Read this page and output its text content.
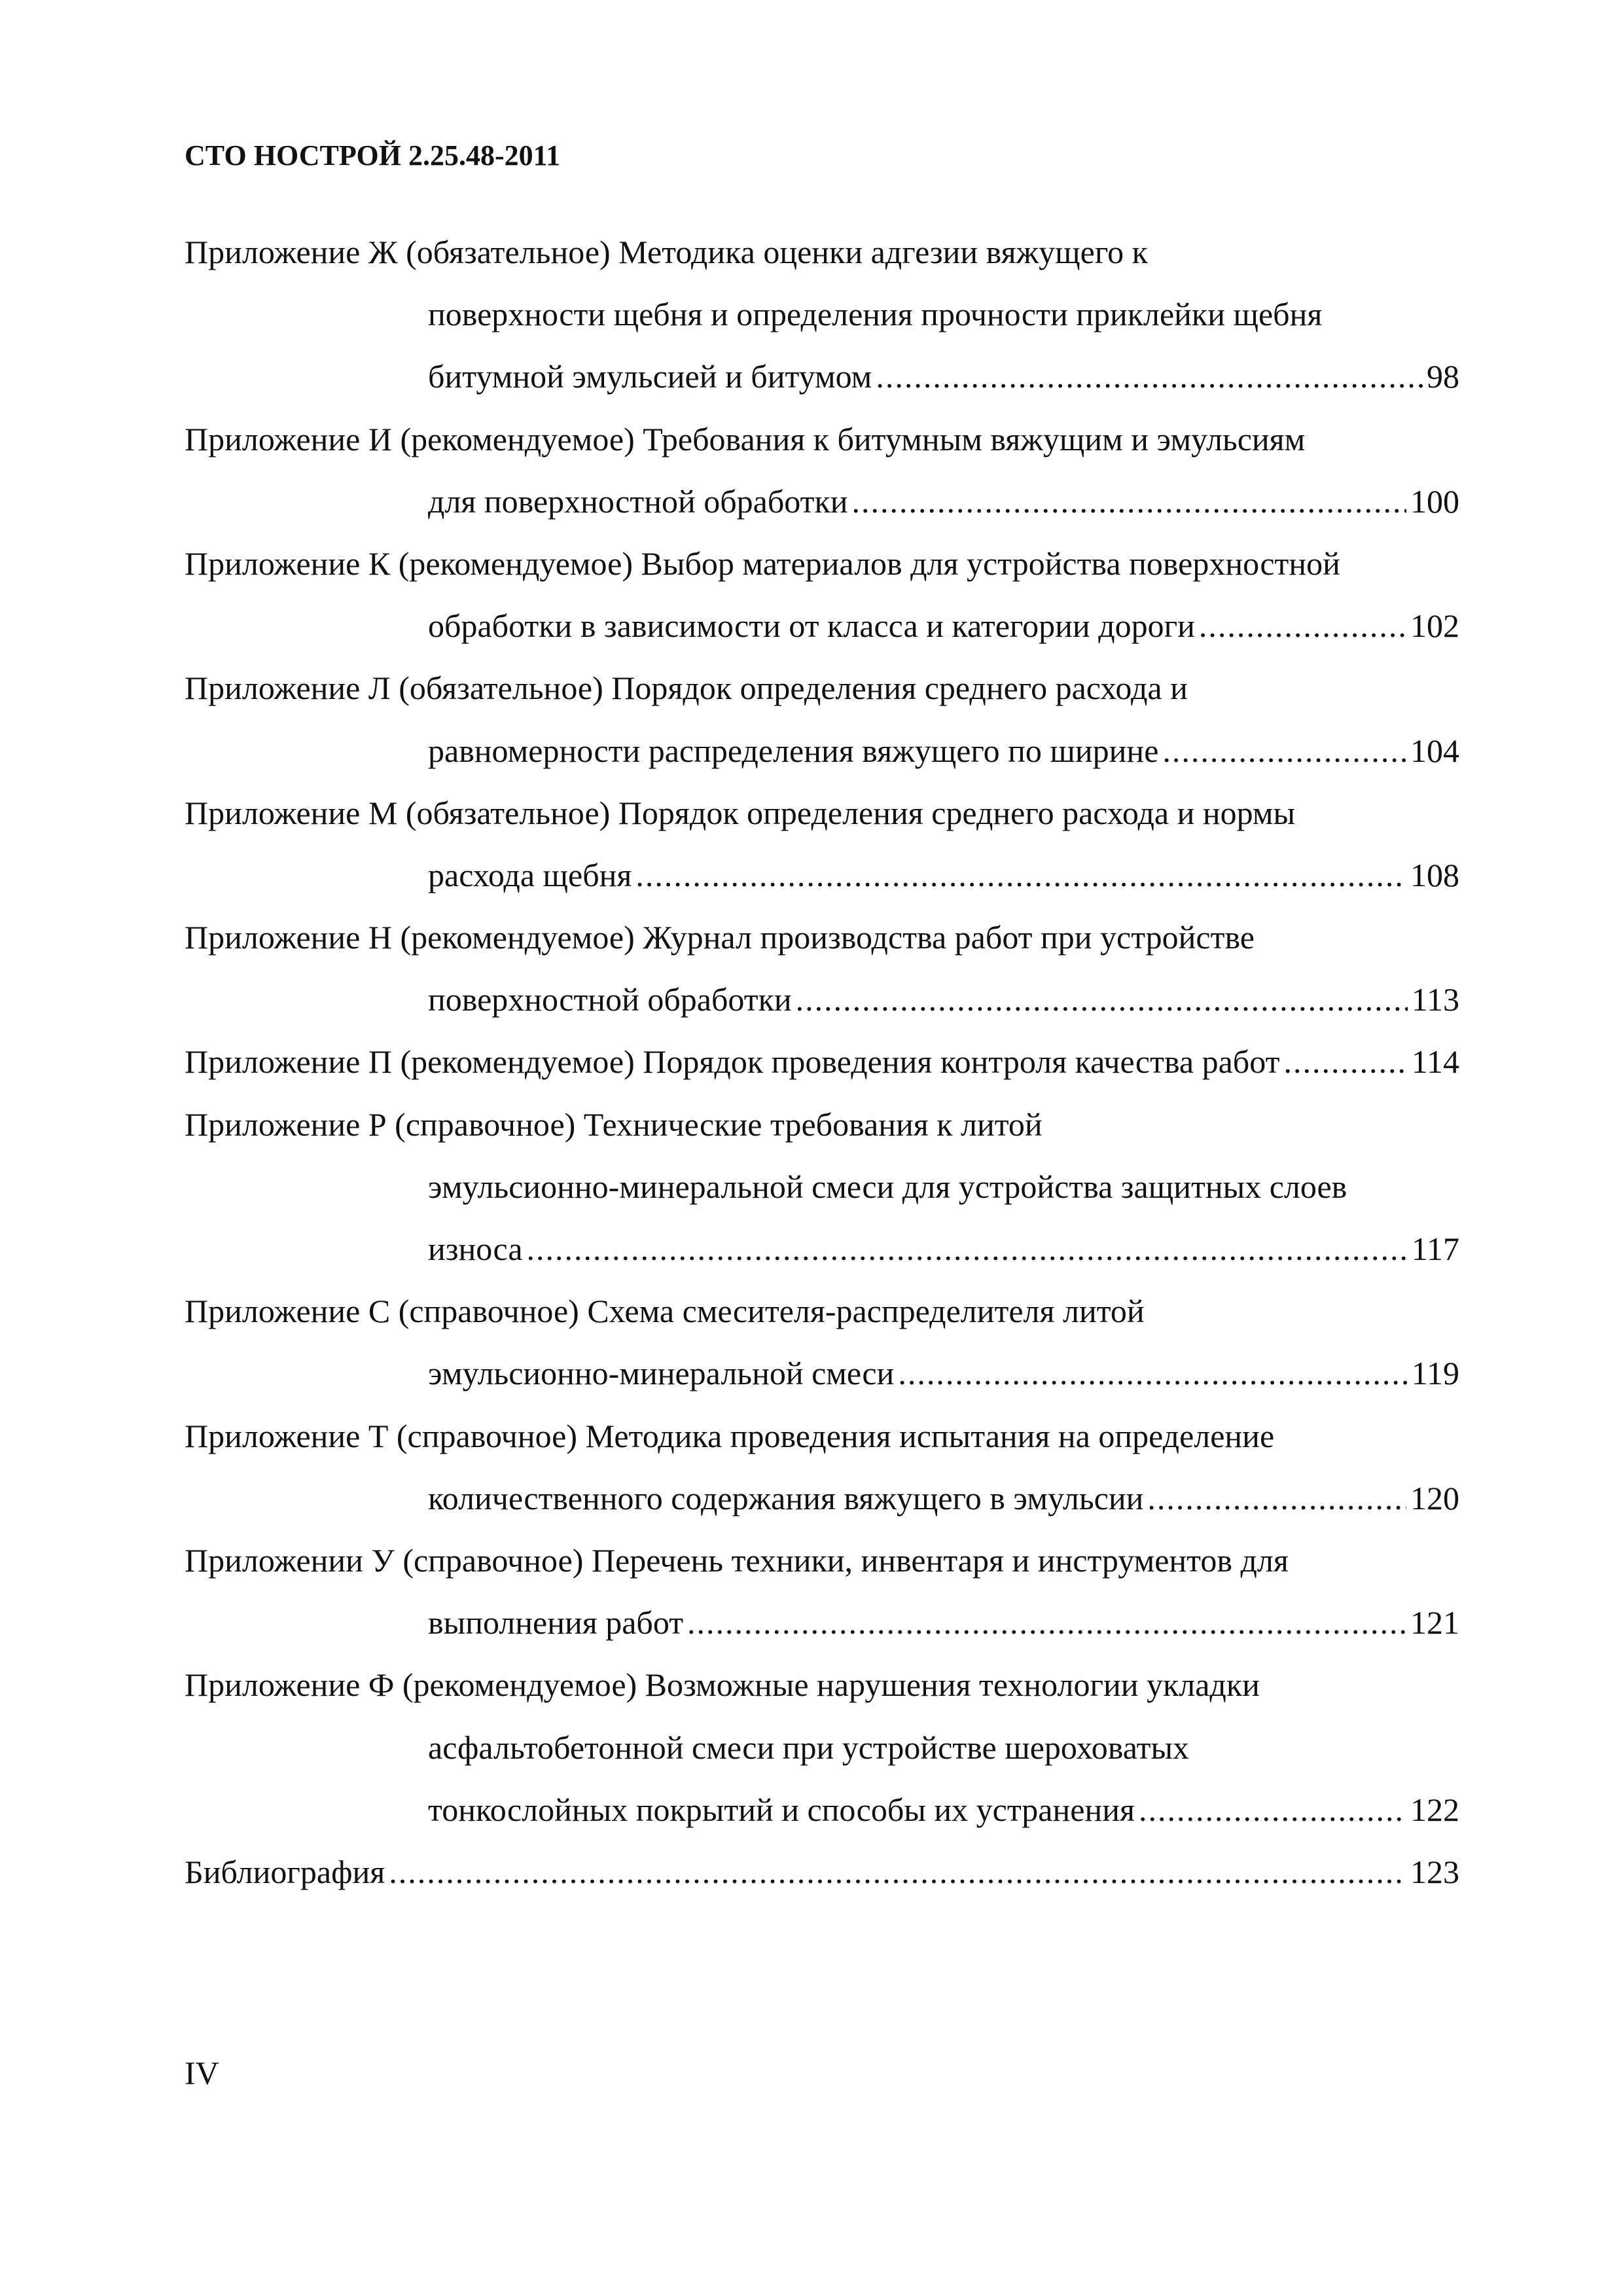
СТО НОСТРОЙ 2.25.48-2011
Приложение Ж (обязательное) Методика оценки адгезии вяжущего к
поверхности щебня и определения прочности приклейки щебня
битумной эмульсией и битумом .....	98
Приложение И (рекомендуемое) Требования к битумным вяжущим и эмульсиям
для поверхностной обработки .....	100
Приложение К (рекомендуемое) Выбор материалов для устройства поверхностной
обработки в зависимости от класса и категории дороги .....	102
Приложение Л (обязательное) Порядок определения среднего расхода и
равномерности распределения вяжущего по ширине .....	104
Приложение М (обязательное) Порядок определения среднего расхода и нормы
расхода щебня .....	108
Приложение Н (рекомендуемое) Журнал производства работ при устройстве
поверхностной обработки .....	113
Приложение П (рекомендуемое) Порядок проведения контроля качества работ .....	114
Приложение Р (справочное) Технические требования к литой
эмульсионно-минеральной смеси для устройства защитных слоев
износа .....	117
Приложение С (справочное) Схема смесителя-распределителя литой
эмульсионно-минеральной смеси .....	119
Приложение Т (справочное) Методика проведения испытания на определение
количественного содержания вяжущего в эмульсии .....	120
Приложении У (справочное) Перечень техники, инвентаря и инструментов для
выполнения работ .....	121
Приложение Ф (рекомендуемое) Возможные нарушения технологии укладки
асфальтобетонной смеси при устройстве шероховатых
тонкослойных покрытий и способы их устранения .....	122
Библиография .....	123
IV
